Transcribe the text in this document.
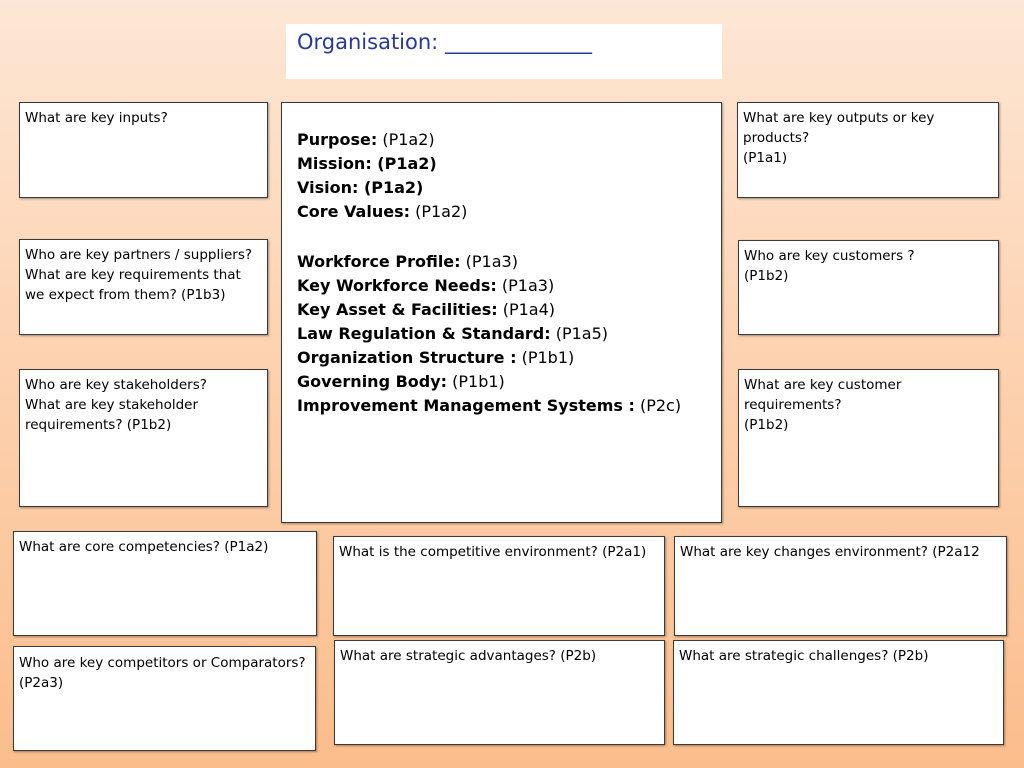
Organisation: ______________
What are key inputs?
Who are key partners / suppliers? What are key requirements that we expect from them? (P1b3)
Who are key stakeholders?
What are key stakeholder requirements? (P1b2)
Purpose: (P1a2)
Mission: (P1a2)
Vision: (P1a2)
Core Values: (P1a2)
Workforce Profile: (P1a3)
Key Workforce Needs: (P1a3)
Key Asset & Facilities: (P1a4)
Law Regulation & Standard: (P1a5)
Organization Structure : (P1b1)
Governing Body: (P1b1)
Improvement Management Systems : (P2c)
What are key outputs or key products?
(P1a1)
Who are key customers ?
(P1b2)
What are key customer requirements?
(P1b2)
What are core competencies? (P1a2)	What is the competitive environment? (P2a1)	What are key changes environment? (P2a12
Who are key competitors or Comparators? (P2a3)
What are strategic advantages? (P2b)	What are strategic challenges? (P2b)
